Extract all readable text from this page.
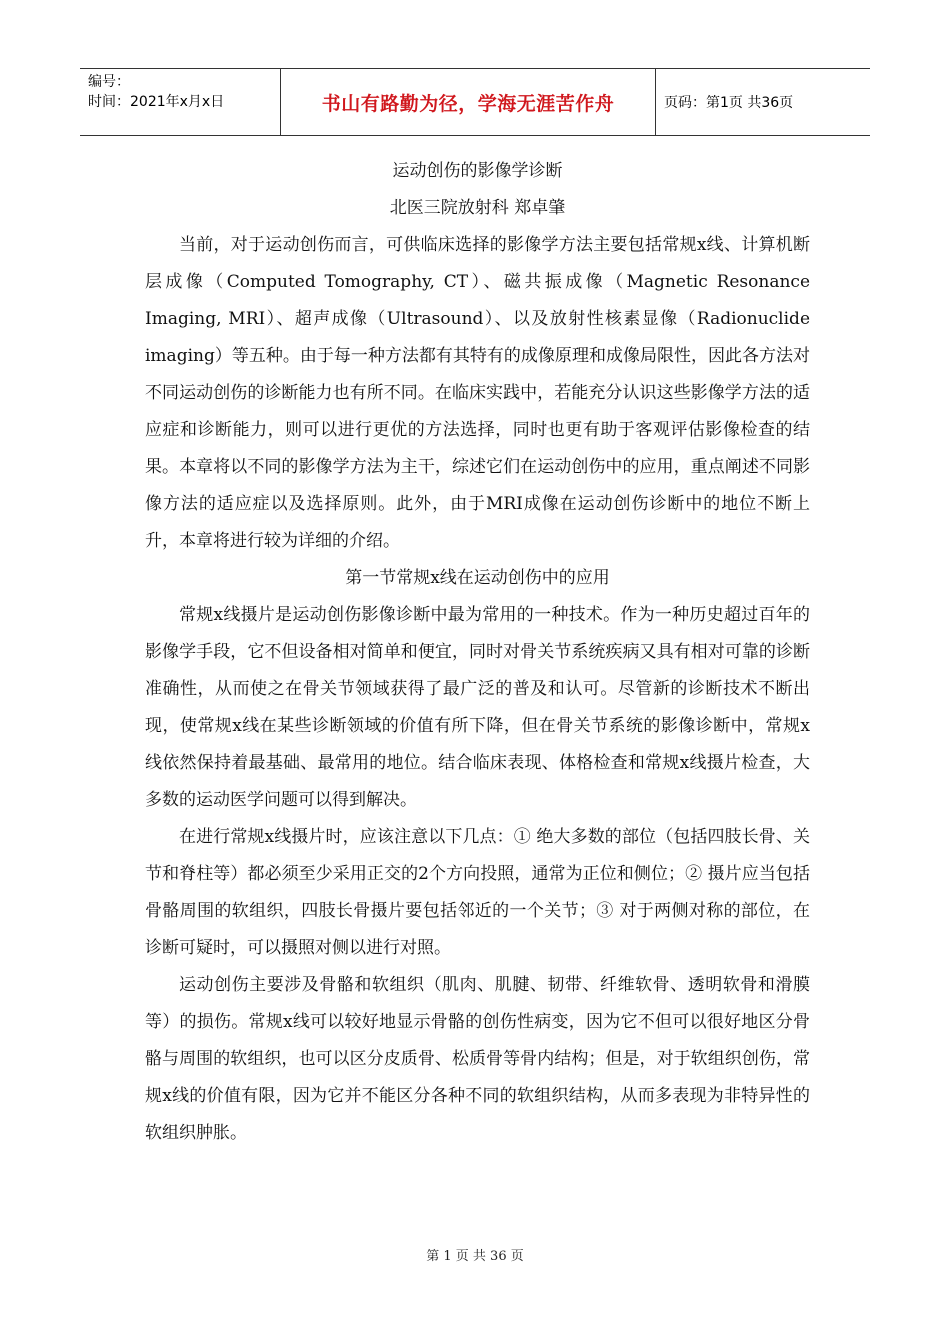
编号：
时间：2021年x月x日	书山有路勤为径，学海无涯苦作舟	页码：第1页 共36页

运动创伤的影像学诊断

北医三院放射科 郑卓肇

当前，对于运动创伤而言，可供临床选择的影像学方法主要包括常规x线、计算机断层成像（Computed Tomography, CT）、磁共振成像（Magnetic Resonance Imaging, MRI）、超声成像（Ultrasound）、以及放射性核素显像（Radionuclide imaging）等五种。由于每一种方法都有其特有的成像原理和成像局限性，因此各方法对不同运动创伤的诊断能力也有所不同。在临床实践中，若能充分认识这些影像学方法的适应症和诊断能力，则可以进行更优的方法选择，同时也更有助于客观评估影像检查的结果。本章将以不同的影像学方法为主干，综述它们在运动创伤中的应用，重点阐述不同影像方法的适应症以及选择原则。此外，由于MRI成像在运动创伤诊断中的地位不断上升，本章将进行较为详细的介绍。

第一节常规x线在运动创伤中的应用

常规x线摄片是运动创伤影像诊断中最为常用的一种技术。作为一种历史超过百年的影像学手段，它不但设备相对简单和便宜，同时对骨关节系统疾病又具有相对可靠的诊断准确性，从而使之在骨关节领域获得了最广泛的普及和认可。尽管新的诊断技术不断出现，使常规x线在某些诊断领域的价值有所下降，但在骨关节系统的影像诊断中，常规x线依然保持着最基础、最常用的地位。结合临床表现、体格检查和常规x线摄片检查，大多数的运动医学问题可以得到解决。

在进行常规x线摄片时，应该注意以下几点：① 绝大多数的部位（包括四肢长骨、关节和脊柱等）都必须至少采用正交的2个方向投照，通常为正位和侧位；② 摄片应当包括骨骼周围的软组织，四肢长骨摄片要包括邻近的一个关节；③ 对于两侧对称的部位，在诊断可疑时，可以摄照对侧以进行对照。

运动创伤主要涉及骨骼和软组织（肌肉、肌腱、韧带、纤维软骨、透明软骨和滑膜等）的损伤。常规x线可以较好地显示骨骼的创伤性病变，因为它不但可以很好地区分骨骼与周围的软组织，也可以区分皮质骨、松质骨等骨内结构；但是，对于软组织创伤，常规x线的价值有限，因为它并不能区分各种不同的软组织结构，从而多表现为非特异性的软组织肿胀。

第 1 页 共 36 页
